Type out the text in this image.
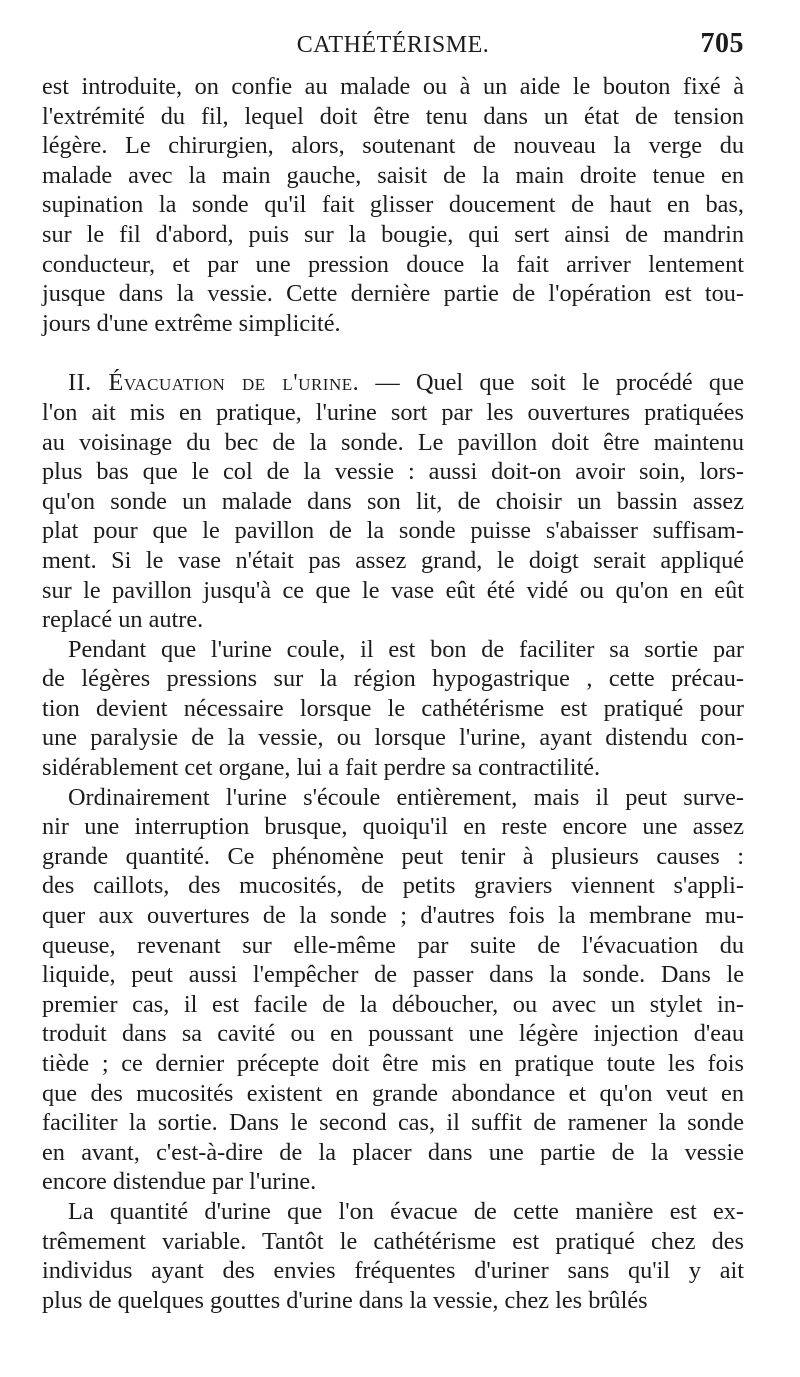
CATHÉTÉRISME.	705

est introduite, on confie au malade ou à un aide le bouton fixé à
l'extrémité du fil, lequel doit être tenu dans un état de tension
légère. Le chirurgien, alors, soutenant de nouveau la verge du
malade avec la main gauche, saisit de la main droite tenue en
supination la sonde qu'il fait glisser doucement de haut en bas,
sur le fil d'abord, puis sur la bougie, qui sert ainsi de mandrin
conducteur, et par une pression douce la fait arriver lentement
jusque dans la vessie. Cette dernière partie de l'opération est tou-
jours d'une extrême simplicité.

II. Évacuation de l'urine. — Quel que soit le procédé que
l'on ait mis en pratique, l'urine sort par les ouvertures pratiquées
au voisinage du bec de la sonde. Le pavillon doit être maintenu
plus bas que le col de la vessie : aussi doit-on avoir soin, lors-
qu'on sonde un malade dans son lit, de choisir un bassin assez
plat pour que le pavillon de la sonde puisse s'abaisser suffisam-
ment. Si le vase n'était pas assez grand, le doigt serait appliqué
sur le pavillon jusqu'à ce que le vase eût été vidé ou qu'on en eût
replacé un autre.

Pendant que l'urine coule, il est bon de faciliter sa sortie par
de légères pressions sur la région hypogastrique , cette précau-
tion devient nécessaire lorsque le cathétérisme est pratiqué pour
une paralysie de la vessie, ou lorsque l'urine, ayant distendu con-
sidérablement cet organe, lui a fait perdre sa contractilité.

Ordinairement l'urine s'écoule entièrement, mais il peut surve-
nir une interruption brusque, quoiqu'il en reste encore une assez
grande quantité. Ce phénomène peut tenir à plusieurs causes :
des caillots, des mucosités, de petits graviers viennent s'appli-
quer aux ouvertures de la sonde ; d'autres fois la membrane mu-
queuse, revenant sur elle-même par suite de l'évacuation du
liquide, peut aussi l'empêcher de passer dans la sonde. Dans le
premier cas, il est facile de la déboucher, ou avec un stylet in-
troduit dans sa cavité ou en poussant une légère injection d'eau
tiède ; ce dernier précepte doit être mis en pratique toute les fois
que des mucosités existent en grande abondance et qu'on veut en
faciliter la sortie. Dans le second cas, il suffit de ramener la sonde
en avant, c'est-à-dire de la placer dans une partie de la vessie
encore distendue par l'urine.

La quantité d'urine que l'on évacue de cette manière est ex-
trêmement variable. Tantôt le cathétérisme est pratiqué chez des
individus ayant des envies fréquentes d'uriner sans qu'il y ait
plus de quelques gouttes d'urine dans la vessie, chez les brûlés
